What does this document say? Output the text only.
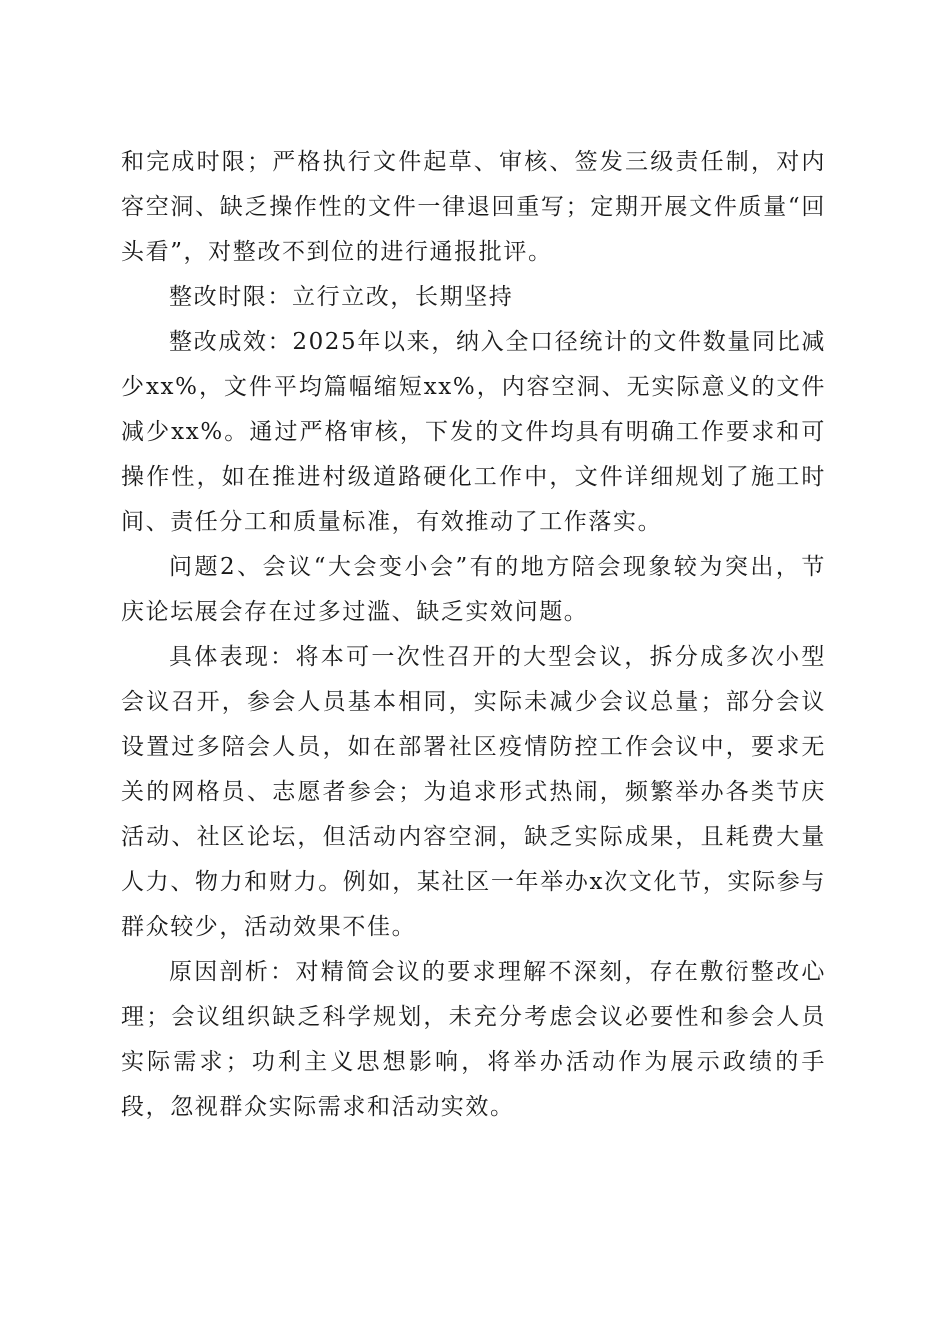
和完成时限；严格执行文件起草、审核、签发三级责任制，对内容空洞、缺乏操作性的文件一律退回重写；定期开展文件质量“回头看”，对整改不到位的进行通报批评。

整改时限：立行立改，长期坚持

整改成效：2025年以来，纳入全口径统计的文件数量同比减少xx%，文件平均篇幅缩短xx%，内容空洞、无实际意义的文件减少xx%。通过严格审核，下发的文件均具有明确工作要求和可操作性，如在推进村级道路硬化工作中，文件详细规划了施工时间、责任分工和质量标准，有效推动了工作落实。

问题2、会议“大会变小会”有的地方陪会现象较为突出，节庆论坛展会存在过多过滥、缺乏实效问题。

具体表现：将本可一次性召开的大型会议，拆分成多次小型会议召开，参会人员基本相同，实际未减少会议总量；部分会议设置过多陪会人员，如在部署社区疫情防控工作会议中，要求无关的网格员、志愿者参会；为追求形式热闹，频繁举办各类节庆活动、社区论坛，但活动内容空洞，缺乏实际成果，且耗费大量人力、物力和财力。例如，某社区一年举办x次文化节，实际参与群众较少，活动效果不佳。

原因剖析：对精简会议的要求理解不深刻，存在敷衍整改心理；会议组织缺乏科学规划，未充分考虑会议必要性和参会人员实际需求；功利主义思想影响，将举办活动作为展示政绩的手段，忽视群众实际需求和活动实效。
